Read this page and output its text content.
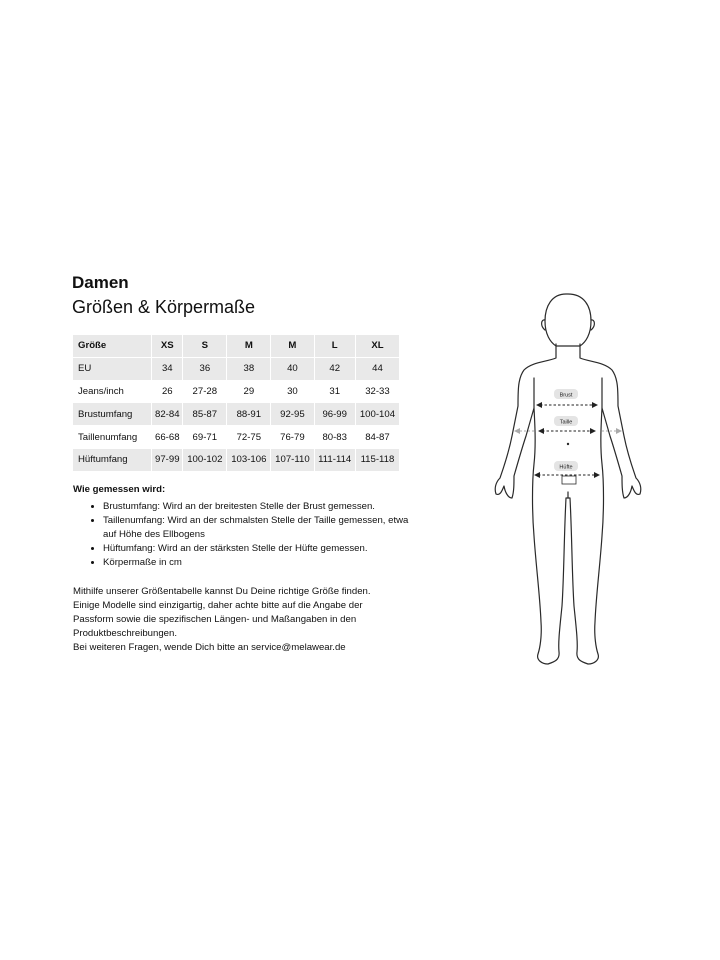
Damen
Größen & Körpermaße
Größe	XS	S	M	M	L	XL
EU	34	36	38	40	42	44
Jeans/inch	26	27-28	29	30	31	32-33
Brustumfang	82-84	85-87	88-91	92-95	96-99	100-104
Taillenumfang	66-68	69-71	72-75	76-79	80-83	84-87
Hüftumfang	97-99	100-102	103-106	107-110	111-114	115-118

Wie gemessen wird:

• Brustumfang: Wird an der breitesten Stelle der Brust gemessen.
• Taillenumfang: Wird an der schmalsten Stelle der Taille gemessen, etwa auf Höhe des Ellbogens
• Hüftumfang: Wird an der stärksten Stelle der Hüfte gemessen.
• Körpermaße in cm

Mithilfe unserer Größentabelle kannst Du Deine richtige Größe finden.

Einige Modelle sind einzigartig, daher achte bitte auf die Angabe der Passform sowie die spezifischen Längen- und Maßangaben in den Produktbeschreibungen.

Bei weiteren Fragen, wende Dich bitte an service@melawear.de

Brust
Taille
Hüfte
